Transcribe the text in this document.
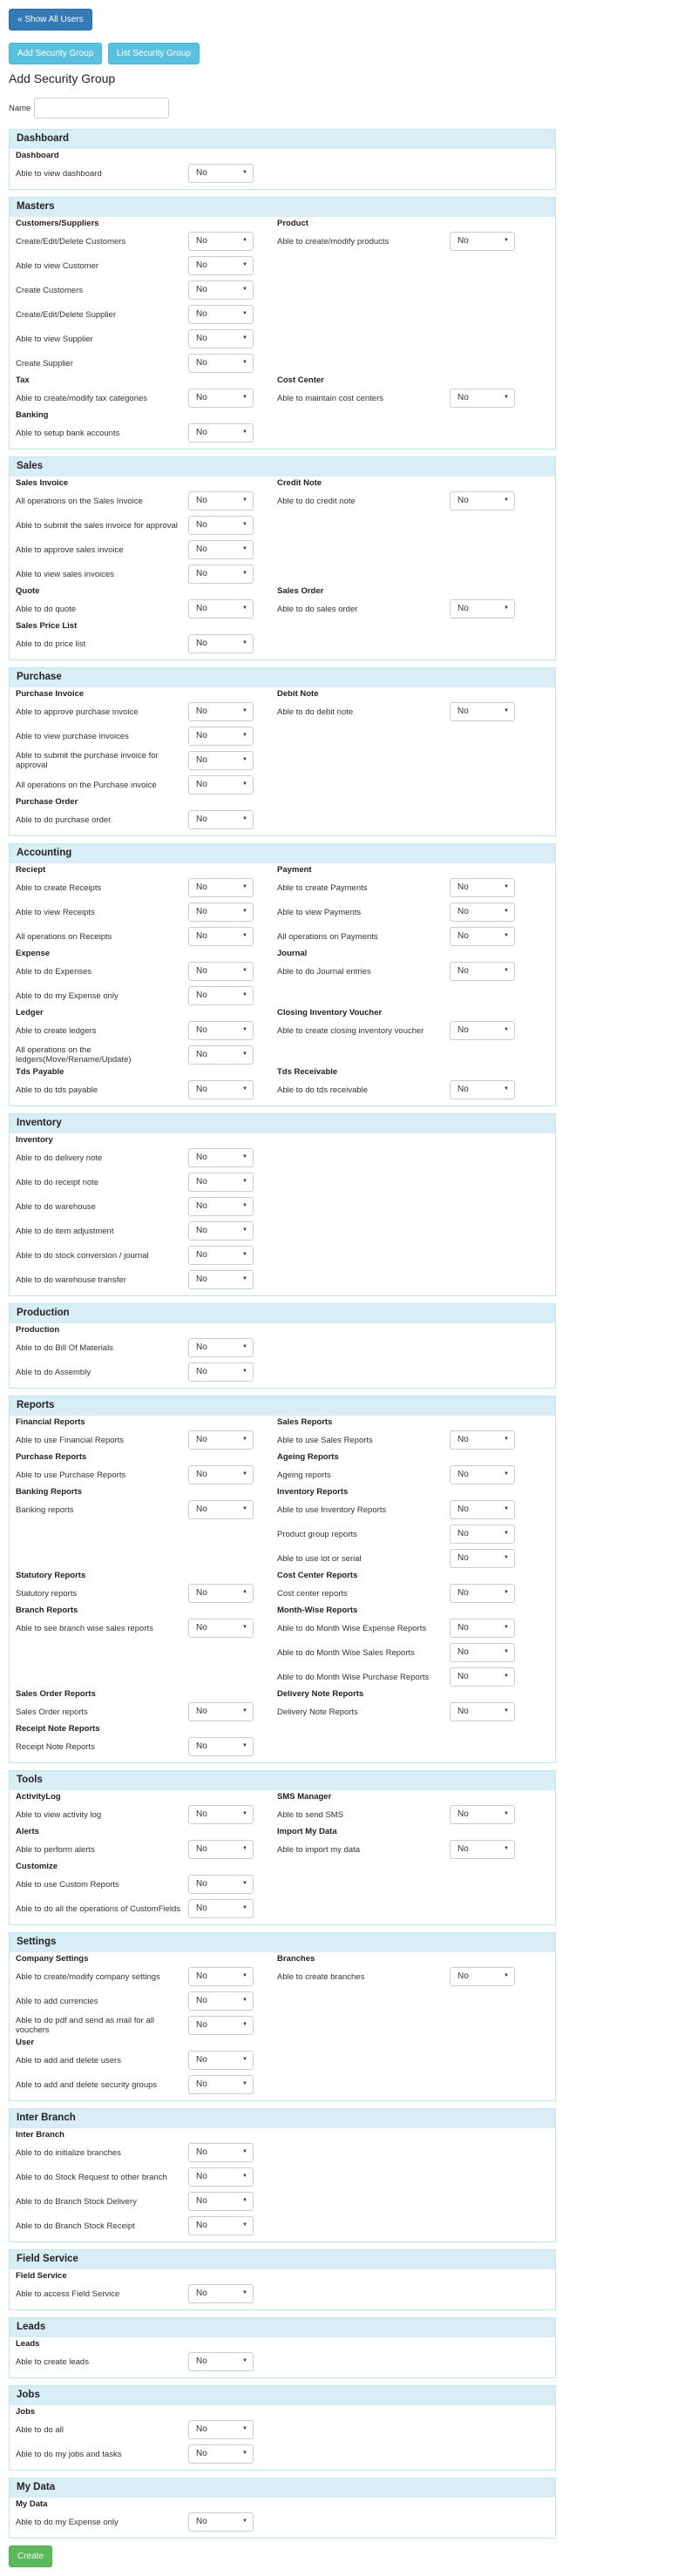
« Show All Users
Add Security Group	List Security Group
Add Security Group
Name
Dashboard
Dashboard
Able to view dashboard	No ▼
Masters
Customers/Suppliers
Create/Edit/Delete Customers	No ▼
Able to view Customer	No ▼
Create Customers	No ▼
Create/Edit/Delete Supplier	No ▼
Able to view Supplier	No ▼
Create Supplier	No ▼
Product
Able to create/modify products	No ▼
Tax
Able to create/modify tax categories	No ▼
Cost Center
Able to maintain cost centers	No ▼
Banking
Able to setup bank accounts	No ▼
Sales
Sales Invoice
All operations on the Sales Invoice	No ▼
Able to submit the sales invoice for approval	No ▼
Able to approve sales invoice	No ▼
Able to view sales invoices	No ▼
Credit Note
Able to do credit note	No ▼
Quote
Able to do quote	No ▼
Sales Order
Able to do sales order	No ▼
Sales Price List
Able to do price list	No ▼
Purchase
Purchase Invoice
Able to approve purchase invoice	No ▼
Able to view purchase invoices	No ▼
Able to submit the purchase invoice for approval
No ▼
All operations on the Purchase invoice	No ▼
Debit Note
Able to do debit note	No ▼
Purchase Order
Able to do purchase order.	No ▼
Accounting
Reciept
Able to create Receipts	No ▼
Able to view Receipts	No ▼
All operations on Receipts	No ▼
Payment
Able to create Payments	No ▼
Able to view Payments	No ▼
All operations on Payments	No ▼
Expense
Able to do Expenses	No ▼
Able to do my Expense only	No ▼
Journal
Able to do Journal entries	No ▼
Ledger
Able to create ledgers	No ▼
All operations on the ledgers(Move/Rename/Update)
No ▼
Closing Inventory Voucher
Able to create closing inventory voucher	No ▼
Tds Payable
Able to do tds payable	No ▼
Tds Receivable
Able to do tds receivable	No ▼
Inventory
Inventory
Able to do delivery note	No ▼
Able to do receipt note	No ▼
Able to do warehouse	No ▼
Able to do item adjustment	No ▼
Able to do stock conversion / journal	No ▼
Able to do warehouse transfer	No ▼
Production
Production
Able to do Bill Of Materials	No ▼
Able to do Assembly	No ▼
Reports
Financial Reports
Able to use Financial Reports	No ▼
Sales Reports
Able to use Sales Reports	No ▼
Purchase Reports
Able to use Purchase Reports	No ▼
Ageing Reports
Ageing reports	No ▼
Banking Reports
Banking reports	No ▼
Inventory Reports
Able to use Inventory Reports	No ▼
Product group reports	No ▼
Able to use lot or serial	No ▼
Statutory Reports
Statutory reports	No ▼
Cost Center Reports
Cost center reports	No ▼
Branch Reports
Able to see branch wise sales reports	No ▼
Month-Wise Reports
Able to do Month Wise Expense Reports	No ▼
Able to do Month Wise Sales Reports	No ▼
Able to do Month Wise Purchase Reports	No ▼
Sales Order Reports
Sales Order reports	No ▼
Delivery Note Reports
Delivery Note Reports	No ▼
Receipt Note Reports
Receipt Note Reports	No ▼
Tools
ActivityLog
Able to view activity log	No ▼
SMS Manager
Able to send SMS	No ▼
Alerts
Able to perform alerts	No ▼
Import My Data
Able to import my data	No ▼
Customize
Able to use Custom Reports	No ▼
Able to do all the operations of CustomFields	No ▼
Settings
Company Settings
Able to create/modify company settings	No ▼
Able to add currencies	No ▼
Able to do pdf and send as mail for all vouchers
No ▼
Branches
Able to create branches	No ▼
User
Able to add and delete users	No ▼
Able to add and delete security groups	No ▼
Inter Branch
Inter Branch
Able to do initialize branches	No ▼
Able to do Stock Request to other branch	No ▼
Able to do Branch Stock Delivery	No ▼
Able to do Branch Stock Receipt	No ▼
Field Service
Field Service
Able to access Field Service	No ▼
Leads
Leads
Able to create leads	No ▼
Jobs
Jobs
Able to do all	No ▼
Able to do my jobs and tasks	No ▼
My Data
My Data
Able to do my Expense only	No ▼
Create
